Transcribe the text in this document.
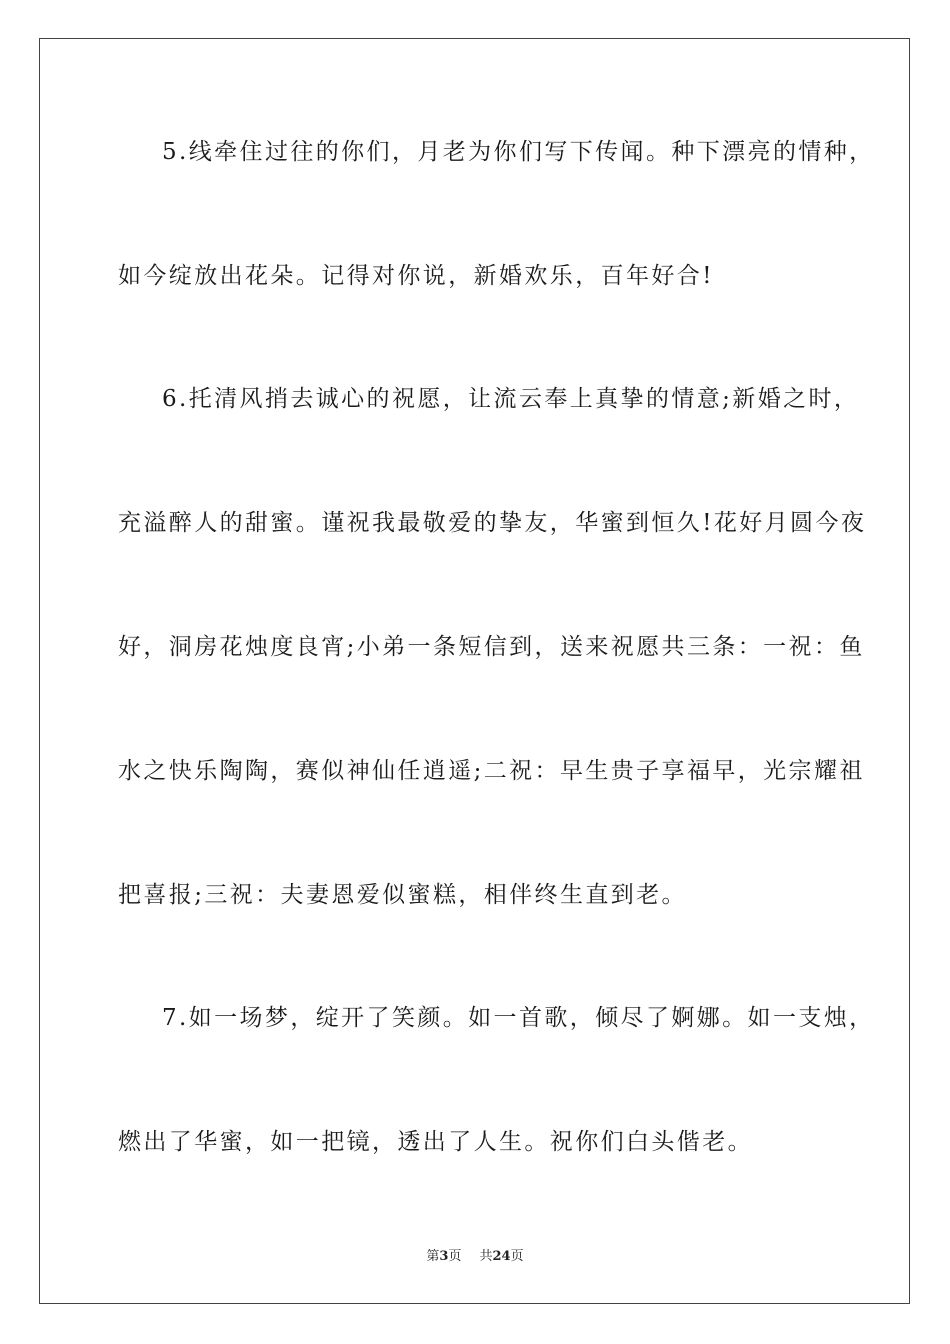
5.线牵住过往的你们，月老为你们写下传闻。种下漂亮的情种，
如今绽放出花朵。记得对你说，新婚欢乐，百年好合!
6.托清风捎去诚心的祝愿，让流云奉上真挚的情意;新婚之时，
充溢醉人的甜蜜。谨祝我最敬爱的挚友，华蜜到恒久!花好月圆今夜
好，洞房花烛度良宵;小弟一条短信到，送来祝愿共三条：一祝：鱼
水之快乐陶陶，赛似神仙任逍遥;二祝：早生贵子享福早，光宗耀祖
把喜报;三祝：夫妻恩爱似蜜糕，相伴终生直到老。
7.如一场梦，绽开了笑颜。如一首歌，倾尽了婀娜。如一支烛，
燃出了华蜜，如一把镜，透出了人生。祝你们白头偕老。
第3页 共24页
